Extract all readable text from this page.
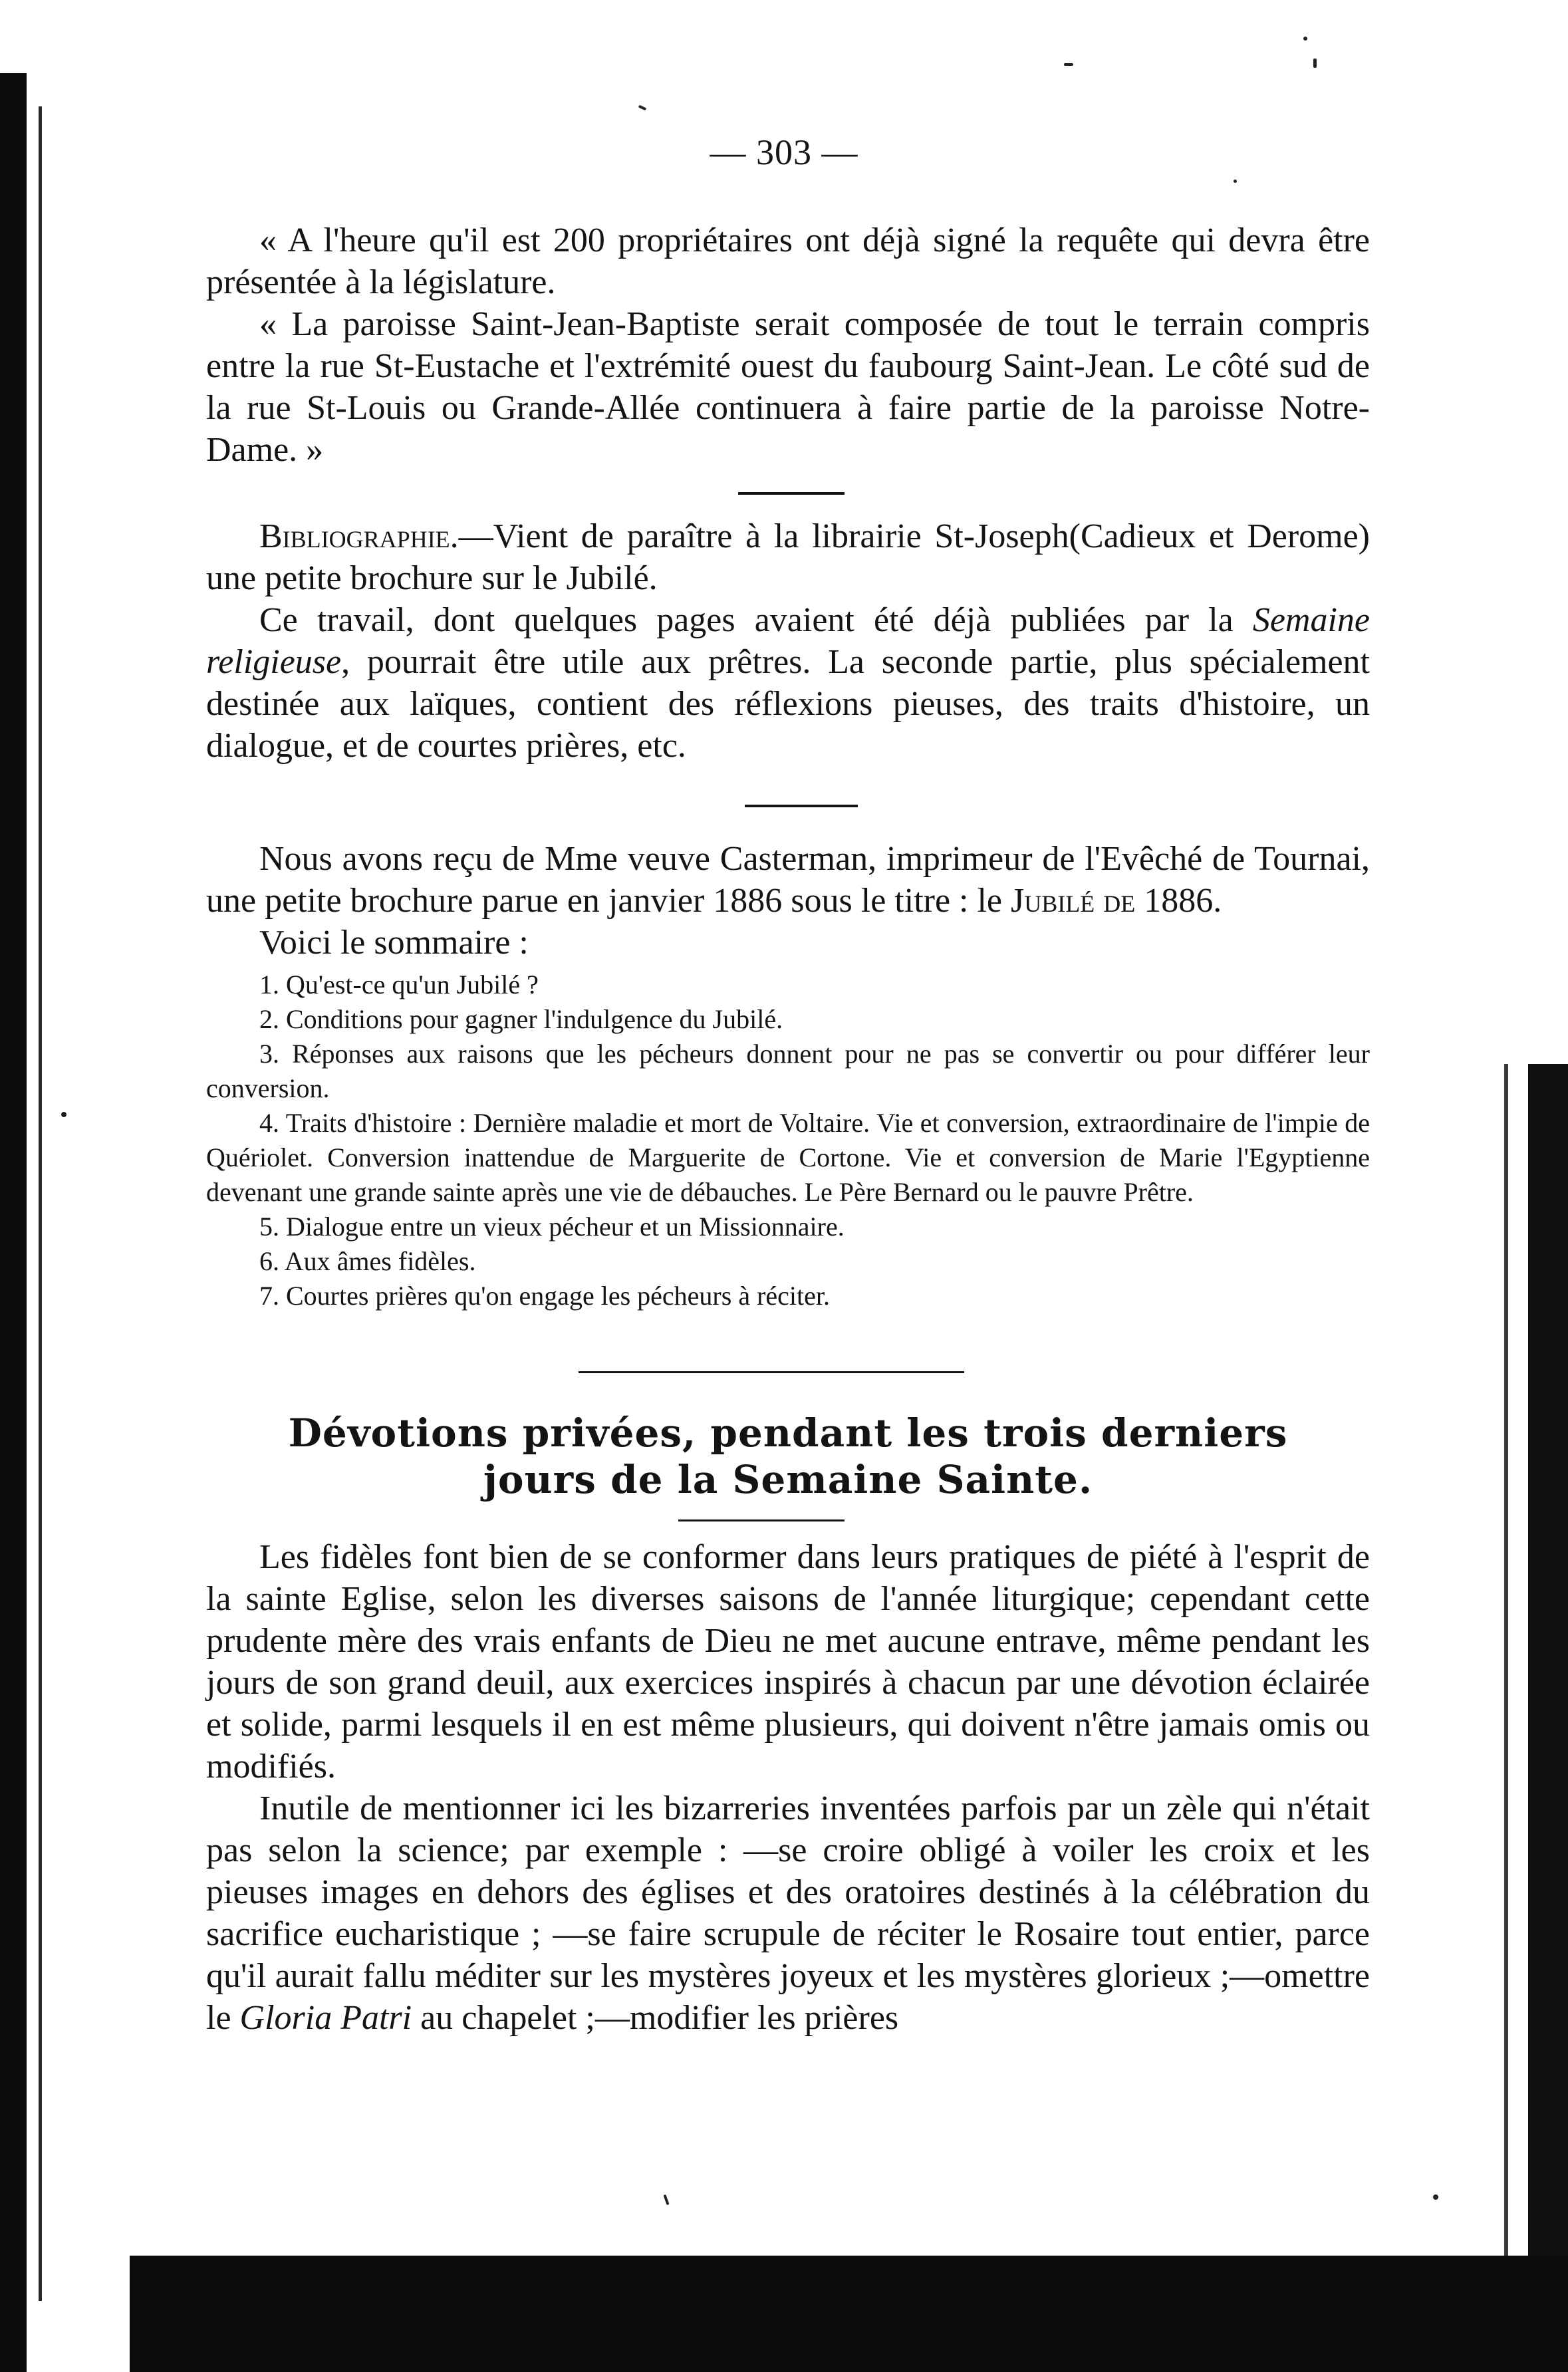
— 303 —

« A l'heure qu'il est 200 propriétaires ont déjà signé la requête qui devra être présentée à la législature.

« La paroisse Saint-Jean-Baptiste serait composée de tout le terrain compris entre la rue St-Eustache et l'extrémité ouest du faubourg Saint-Jean. Le côté sud de la rue St-Louis ou Grande-Allée continuera à faire partie de la paroisse Notre-Dame. »

Bibliographie.—Vient de paraître à la librairie St-Joseph(Cadieux et Derome) une petite brochure sur le Jubilé.

Ce travail, dont quelques pages avaient été déjà publiées par la Semaine religieuse, pourrait être utile aux prêtres. La seconde partie, plus spécialement destinée aux laïques, contient des réflexions pieuses, des traits d'histoire, un dialogue, et de courtes prières, etc.

Nous avons reçu de Mme veuve Casterman, imprimeur de l'Evêché de Tournai, une petite brochure parue en janvier 1886 sous le titre : le Jubilé de 1886.

Voici le sommaire :

1. Qu'est-ce qu'un Jubilé ?

2. Conditions pour gagner l'indulgence du Jubilé.

3. Réponses aux raisons que les pécheurs donnent pour ne pas se convertir ou pour différer leur conversion.

4. Traits d'histoire : Dernière maladie et mort de Voltaire. Vie et conversion, extraordinaire de l'impie de Quériolet. Conversion inattendue de Marguerite de Cortone. Vie et conversion de Marie l'Egyptienne devenant une grande sainte après une vie de débauches. Le Père Bernard ou le pauvre Prêtre.

5. Dialogue entre un vieux pécheur et un Missionnaire.

6. Aux âmes fidèles.

7. Courtes prières qu'on engage les pécheurs à réciter.

Dévotions privées, pendant les trois derniers

jours de la Semaine Sainte.

Les fidèles font bien de se conformer dans leurs pratiques de piété à l'esprit de la sainte Eglise, selon les diverses saisons de l'année liturgique; cependant cette prudente mère des vrais enfants de Dieu ne met aucune entrave, même pendant les jours de son grand deuil, aux exercices inspirés à chacun par une dévotion éclairée et solide, parmi lesquels il en est même plusieurs, qui doivent n'être jamais omis ou modifiés.

Inutile de mentionner ici les bizarreries inventées parfois par un zèle qui n'était pas selon la science; par exemple : —se croire obligé à voiler les croix et les pieuses images en dehors des églises et des oratoires destinés à la célébration du sacrifice eucharistique ; —se faire scrupule de réciter le Rosaire tout entier, parce qu'il aurait fallu méditer sur les mystères joyeux et les mystères glorieux ;—omettre le Gloria Patri au chapelet ;—modifier les prières
